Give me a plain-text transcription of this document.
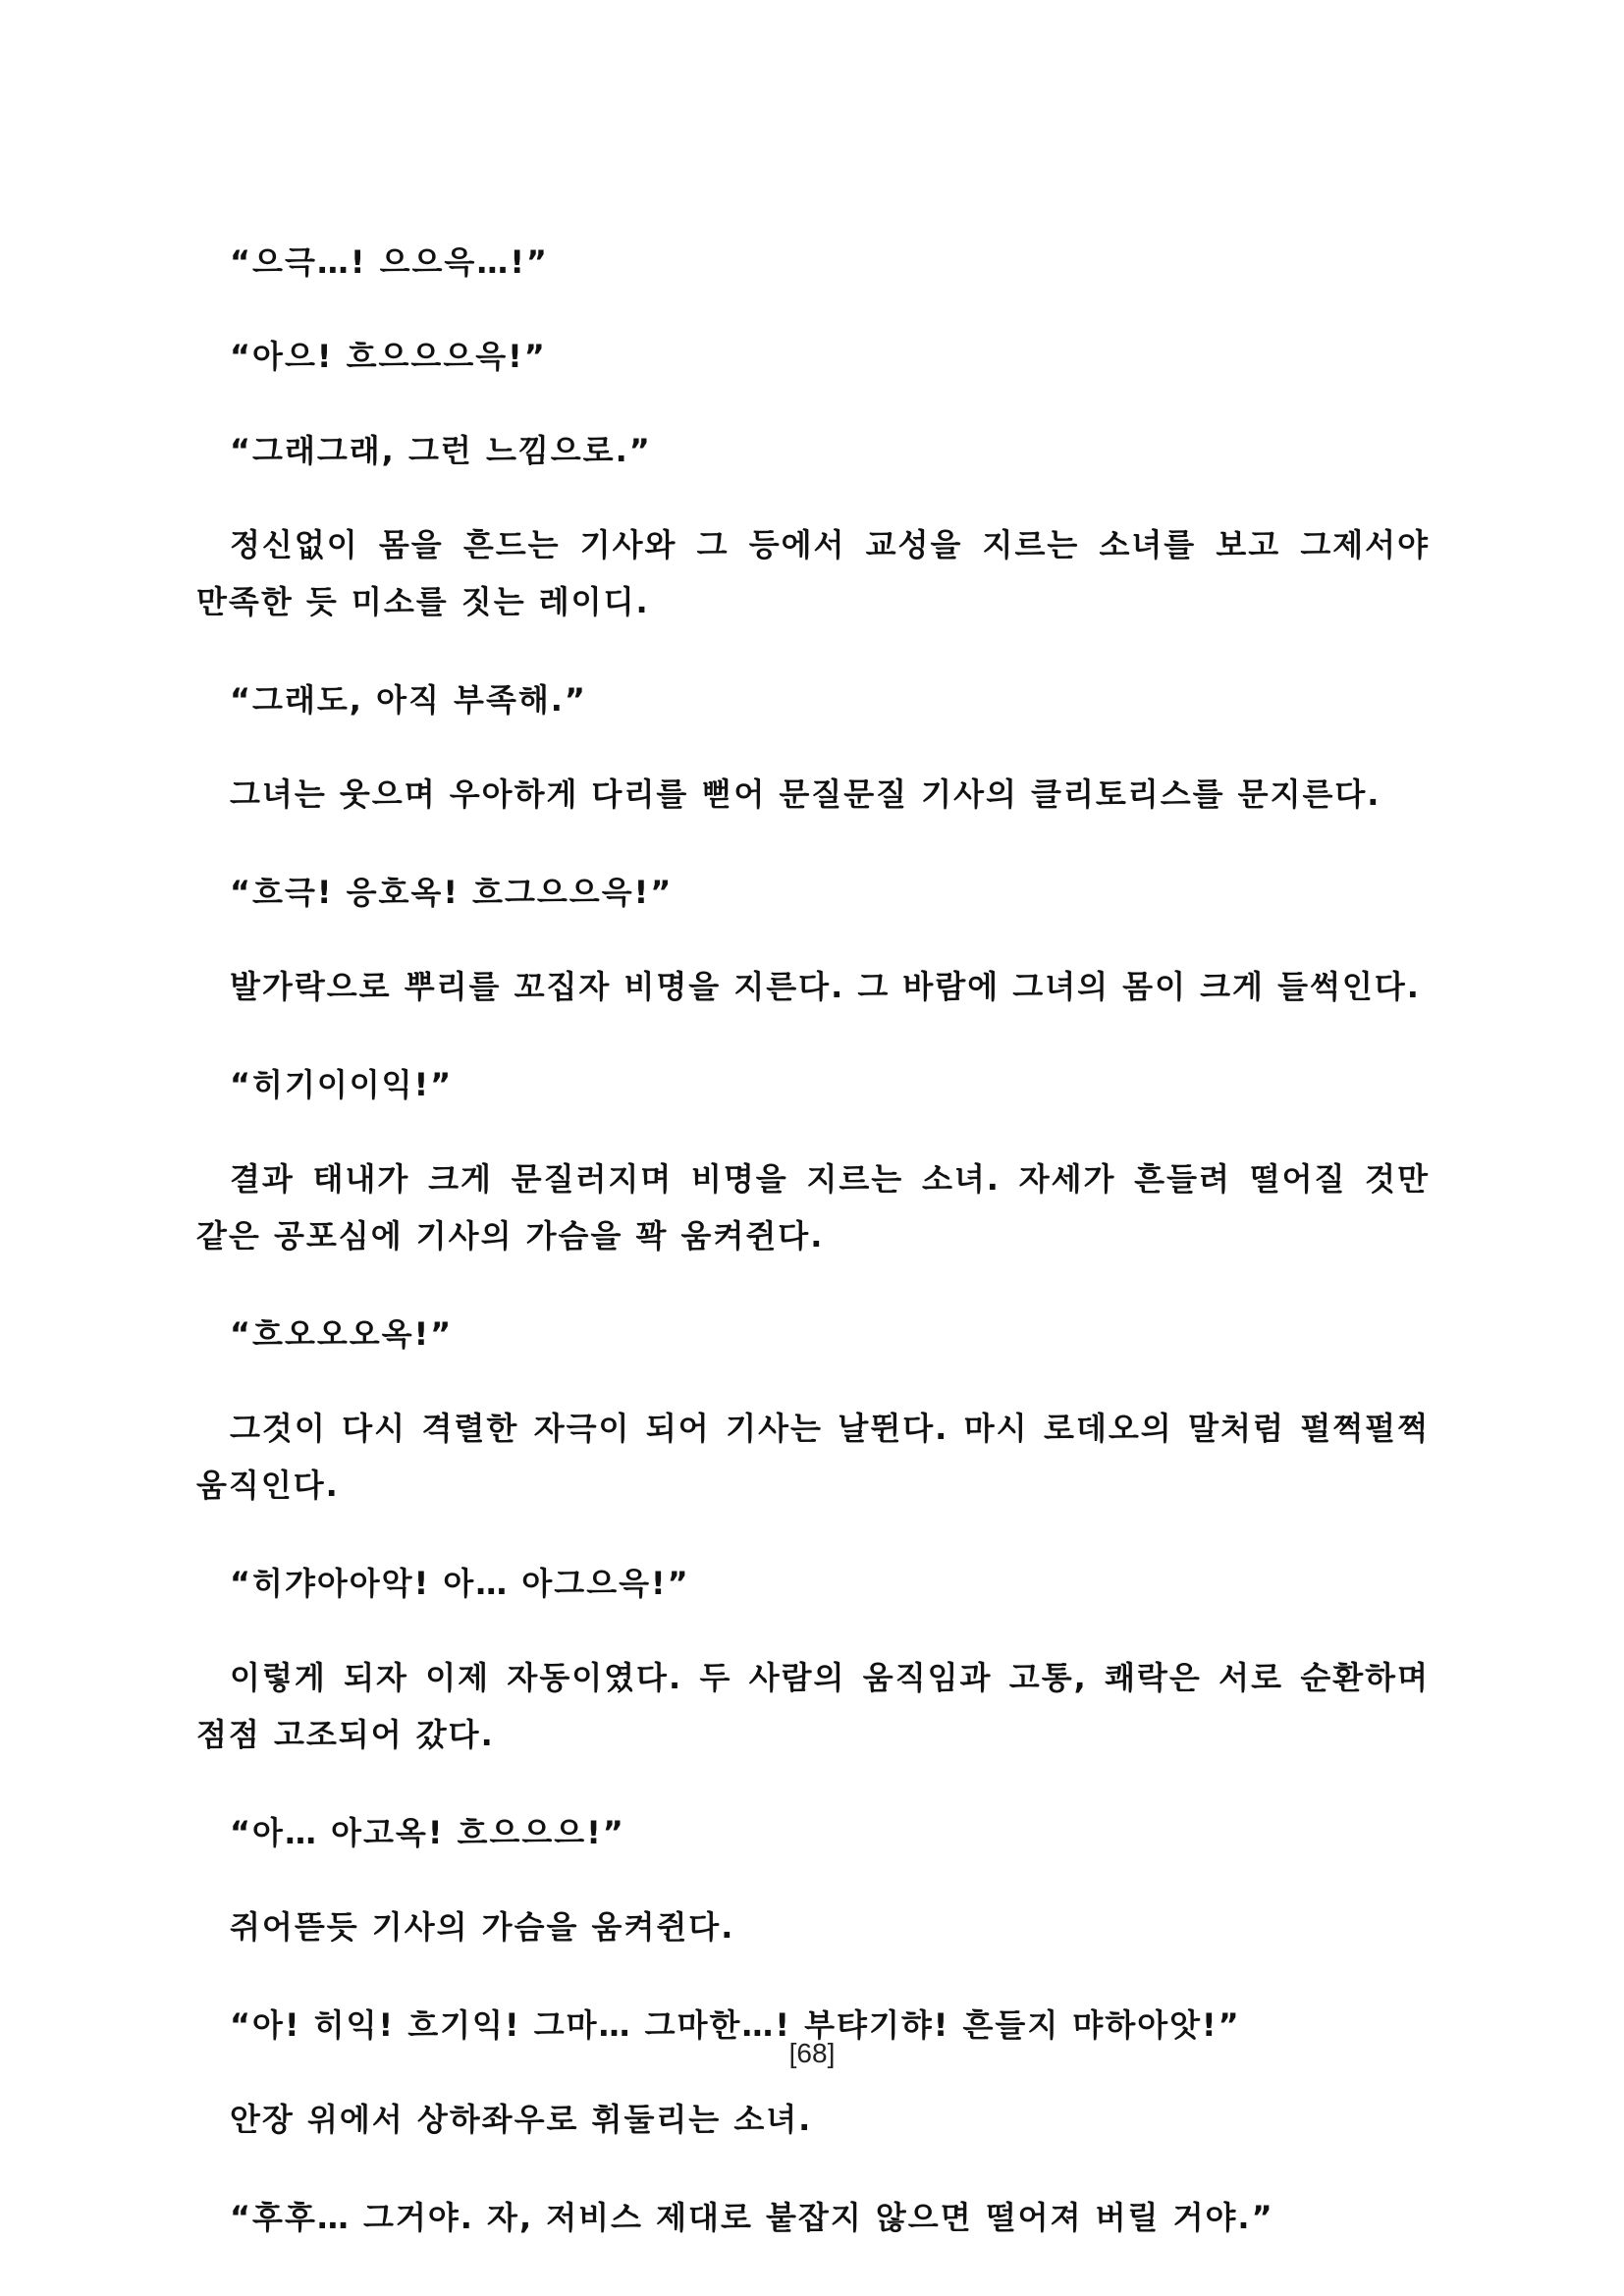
“으극…! 으으윽…!”

“아으! 흐으으으윽!”

“그래그래, 그런 느낌으로.”

정신없이 몸을 흔드는 기사와 그 등에서 교성을 지르는 소녀를 보고 그제서야 만족한 듯 미소를 짓는 레이디.

“그래도, 아직 부족해.”

그녀는 웃으며 우아하게 다리를 뻗어 문질문질 기사의 클리토리스를 문지른다.

“흐극! 응호옥! 흐그으으윽!”

발가락으로 뿌리를 꼬집자 비명을 지른다. 그 바람에 그녀의 몸이 크게 들썩인다.

“히기이이익!”

결과 태내가 크게 문질러지며 비명을 지르는 소녀. 자세가 흔들려 떨어질 것만 같은 공포심에 기사의 가슴을 꽉 움켜쥔다.

“흐오오오옥!”

그것이 다시 격렬한 자극이 되어 기사는 날뛴다. 마시 로데오의 말처럼 펄쩍펄쩍 움직인다.

“히갸아아악! 아… 아그으윽!”

이렇게 되자 이제 자동이였다. 두 사람의 움직임과 고통, 쾌락은 서로 순환하며 점점 고조되어 갔다.

“아… 아고옥! 흐으으으!”

쥐어뜯듯 기사의 가슴을 움켜쥔다.

“아! 히익! 흐기익! 그마… 그마한…! 부탸기햐! 흔들지 먀하아앗!”

안장 위에서 상하좌우로 휘둘리는 소녀.

“후후… 그거야. 자, 저비스 제대로 붙잡지 않으면 떨어져 버릴 거야.”

[68]
